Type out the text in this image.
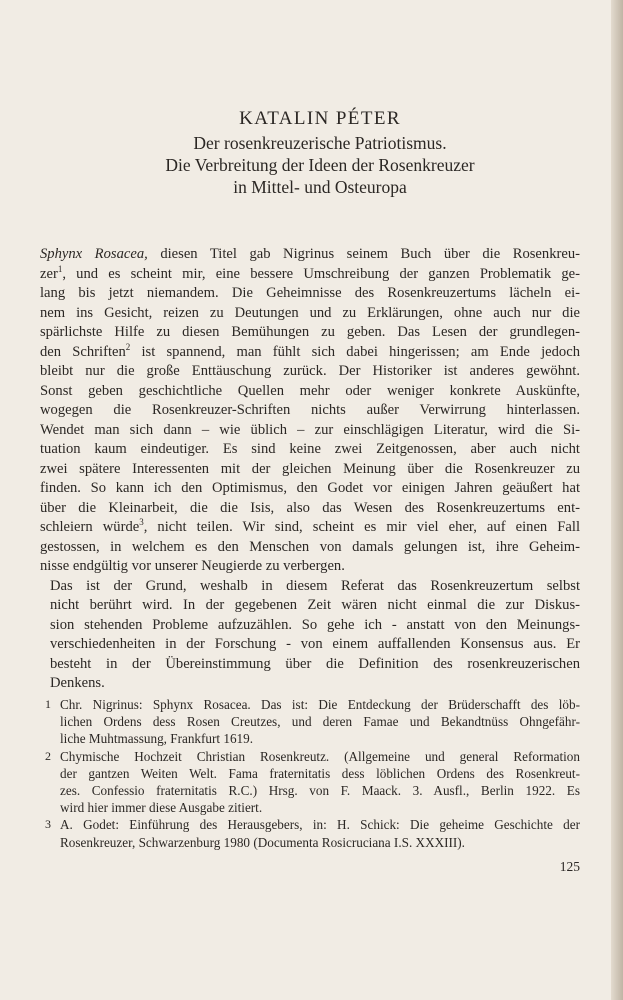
KATALIN PÉTER
Der rosenkreuzerische Patriotismus.
Die Verbreitung der Ideen der Rosenkreuzer
in Mittel- und Osteuropa

Sphynx Rosacea, diesen Titel gab Nigrinus seinem Buch über die Rosenkreu-
zer$^1$, und es scheint mir, eine bessere Umschreibung der ganzen Problematik ge-
lang bis jetzt niemandem. Die Geheimnisse des Rosenkreuzertums lächeln ei-
nem ins Gesicht, reizen zu Deutungen und zu Erklärungen, ohne auch nur die
spärlichste Hilfe zu diesen Bemühungen zu geben. Das Lesen der grundlegen-
den Schriften$^2$ ist spannend, man fühlt sich dabei hingerissen; am Ende jedoch
bleibt nur die große Enttäuschung zurück. Der Historiker ist anderes gewöhnt.
Sonst geben geschichtliche Quellen mehr oder weniger konkrete Auskünfte,
wogegen die Rosenkreuzer-Schriften nichts außer Verwirrung hinterlassen.
Wendet man sich dann – wie üblich – zur einschlägigen Literatur, wird die Si-
tuation kaum eindeutiger. Es sind keine zwei Zeitgenossen, aber auch nicht
zwei spätere Interessenten mit der gleichen Meinung über die Rosenkreuzer zu
finden. So kann ich den Optimismus, den Godet vor einigen Jahren geäußert hat
über die Kleinarbeit, die die Isis, also das Wesen des Rosenkreuzertums ent-
schleiern würde$^3$, nicht teilen. Wir sind, scheint es mir viel eher, auf einen Fall
gestossen, in welchem es den Menschen von damals gelungen ist, ihre Geheim-
nisse endgültig vor unserer Neugierde zu verbergen.

Das ist der Grund, weshalb in diesem Referat das Rosenkreuzertum selbst
nicht berührt wird. In der gegebenen Zeit wären nicht einmal die zur Diskus-
sion stehenden Probleme aufzuzählen. So gehe ich - anstatt von den Meinungs-
verschiedenheiten in der Forschung - von einem auffallenden Konsensus aus. Er
besteht in der Übereinstimmung über die Definition des rosenkreuzerischen
Denkens.

1 Chr. Nigrinus: Sphynx Rosacea. Das ist: Die Entdeckung der Brüderschafft des löb-
lichen Ordens dess Rosen Creutzes, und deren Famae und Bekandtnüss Ohngefähr-
liche Muhtmassung, Frankfurt 1619.
2 Chymische Hochzeit Christian Rosenkreutz. (Allgemeine und general Reformation
der gantzen Weiten Welt. Fama fraternitatis dess löblichen Ordens des Rosenkreut-
zes. Confessio fraternitatis R.C.) Hrsg. von F. Maack. 3. Ausfl., Berlin 1922. Es
wird hier immer diese Ausgabe zitiert.
3 A. Godet: Einführung des Herausgebers, in: H. Schick: Die geheime Geschichte der
Rosenkreuzer, Schwarzenburg 1980 (Documenta Rosicruciana I.S. XXXIII).
125
